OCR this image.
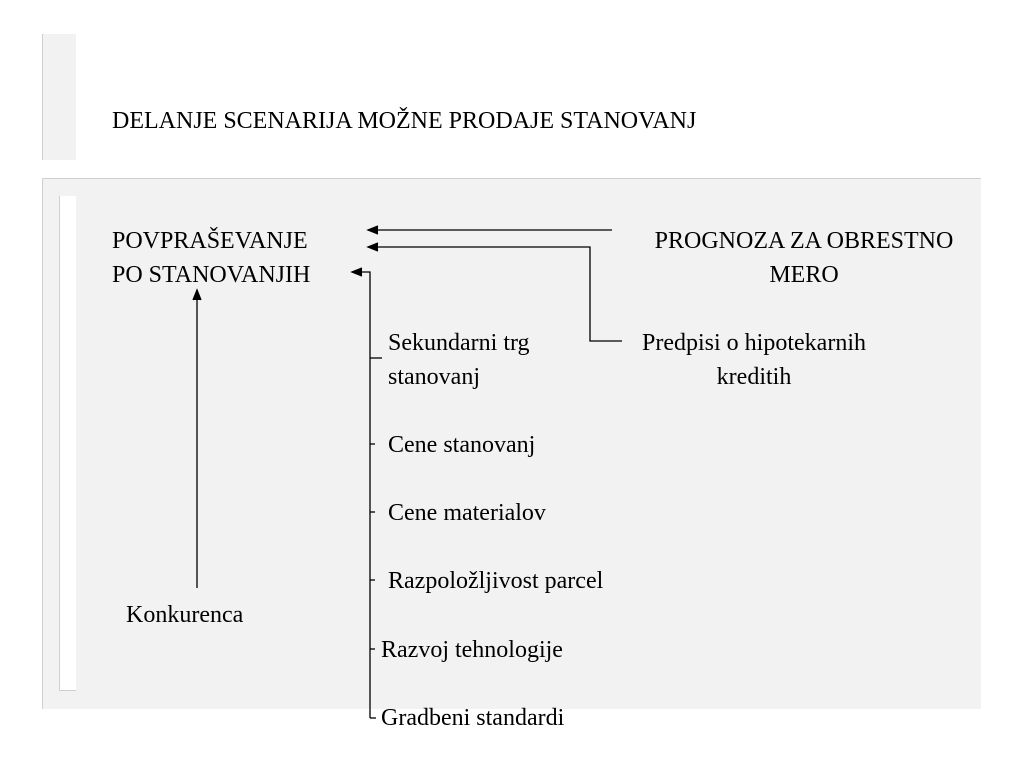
DELANJE SCENARIJA MOŽNE PRODAJE STANOVANJ
POVPRAŠEVANJE
PO STANOVANJIH
PROGNOZA ZA OBRESTNO
MERO
Predpisi o hipotekarnih
kreditih
Sekundarni trg
stanovanj
Cene stanovanj
Cene materialov
Razpoložljivost parcel
Razvoj tehnologije
Gradbeni standardi
Konkurenca
